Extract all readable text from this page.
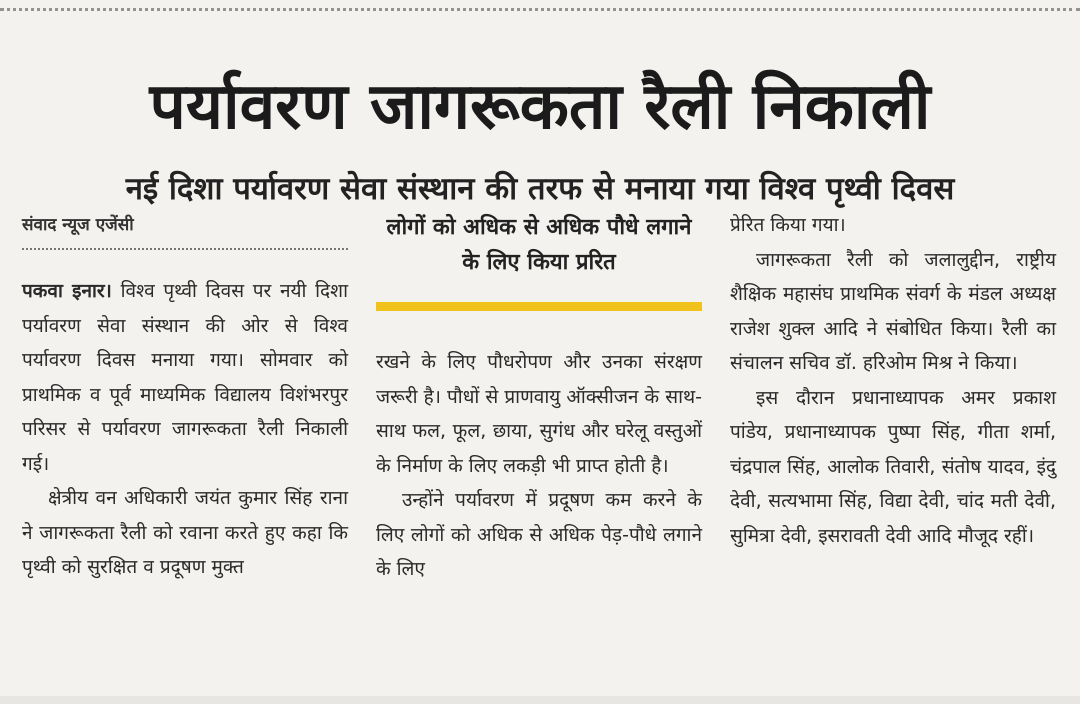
पर्यावरण जागरूकता रैली निकाली
नई दिशा पर्यावरण सेवा संस्थान की तरफ से मनाया गया विश्व पृथ्वी दिवस
संवाद न्यूज एजेंसी

पकवा इनार। विश्व पृथ्वी दिवस पर नयी दिशा पर्यावरण सेवा संस्थान की ओर से विश्व पर्यावरण दिवस मनाया गया। सोमवार को प्राथमिक व पूर्व माध्यमिक विद्यालय विशंभरपुर परिसर से पर्यावरण जागरूकता रैली निकाली गई।

क्षेत्रीय वन अधिकारी जयंत कुमार सिंह राना ने जागरूकता रैली को रवाना करते हुए कहा कि पृथ्वी को सुरक्षित व प्रदूषण मुक्त

लोगों को अधिक से अधिक पौधे लगाने के लिए किया प्ररित

रखने के लिए पौधरोपण और उनका संरक्षण जरूरी है। पौधों से प्राणवायु ऑक्सीजन के साथ-साथ फल, फूल, छाया, सुगंध और घरेलू वस्तुओं के निर्माण के लिए लकड़ी भी प्राप्त होती है।

उन्होंने पर्यावरण में प्रदूषण कम करने के लिए लोगों को अधिक से अधिक पेड़-पौधे लगाने के लिए

प्रेरित किया गया।

जागरूकता रैली को जलालुद्दीन, राष्ट्रीय शैक्षिक महासंघ प्राथमिक संवर्ग के मंडल अध्यक्ष राजेश शुक्ल आदि ने संबोधित किया। रैली का संचालन सचिव डॉ. हरिओम मिश्र ने किया।

इस दौरान प्रधानाध्यापक अमर प्रकाश पांडेय, प्रधानाध्यापक पुष्पा सिंह, गीता शर्मा, चंद्रपाल सिंह, आलोक तिवारी, संतोष यादव, इंदु देवी, सत्यभामा सिंह, विद्या देवी, चांद मती देवी, सुमित्रा देवी, इसरावती देवी आदि मौजूद रहीं।
